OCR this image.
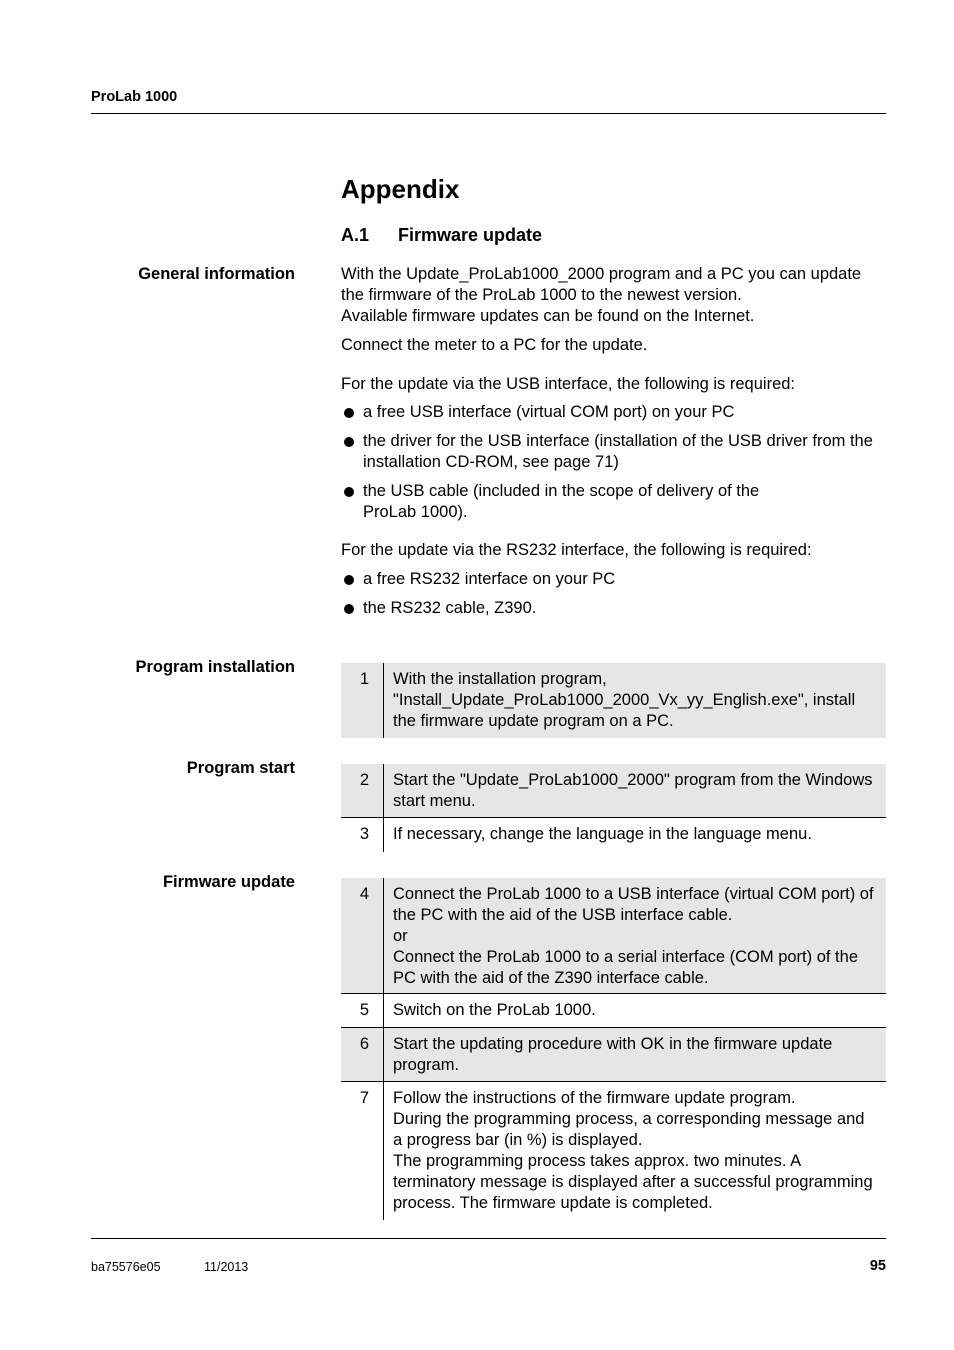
ProLab 1000
Appendix
A.1 Firmware update
General information	With the Update_ProLab1000_2000 program and a PC you can update the firmware of the ProLab 1000 to the newest version.

Available firmware updates can be found on the Internet.

Connect the meter to a PC for the update.

For the update via the USB interface, the following is required:

a free USB interface (virtual COM port) on your PC

the driver for the USB interface (installation of the USB driver from the installation CD-ROM, see page 71)

the USB cable (included in the scope of delivery of the ProLab 1000).

For the update via the RS232 interface, the following is required:

a free RS232 interface on your PC

the RS232 cable, Z390.

Program installation
1	With the installation program, "Install_Update_ProLab1000_2000_Vx_yy_English.exe", install the firmware update program on a PC.
Program start
2	Start the "Update_ProLab1000_2000" program from the Windows start menu.
3	If necessary, change the language in the language menu.
Firmware update
4	Connect the ProLab 1000 to a USB interface (virtual COM port) of the PC with the aid of the USB interface cable.

or

Connect the ProLab 1000 to a serial interface (COM port) of the PC with the aid of the Z390 interface cable.

5	Switch on the ProLab 1000.
6	Start the updating procedure with OK in the firmware update program.
7	Follow the instructions of the firmware update program.

During the programming process, a corresponding message and a progress bar (in %) is displayed.

The programming process takes approx. two minutes. A terminatory message is displayed after a successful programming process. The firmware update is completed.

ba75576e05	11/2013	95
